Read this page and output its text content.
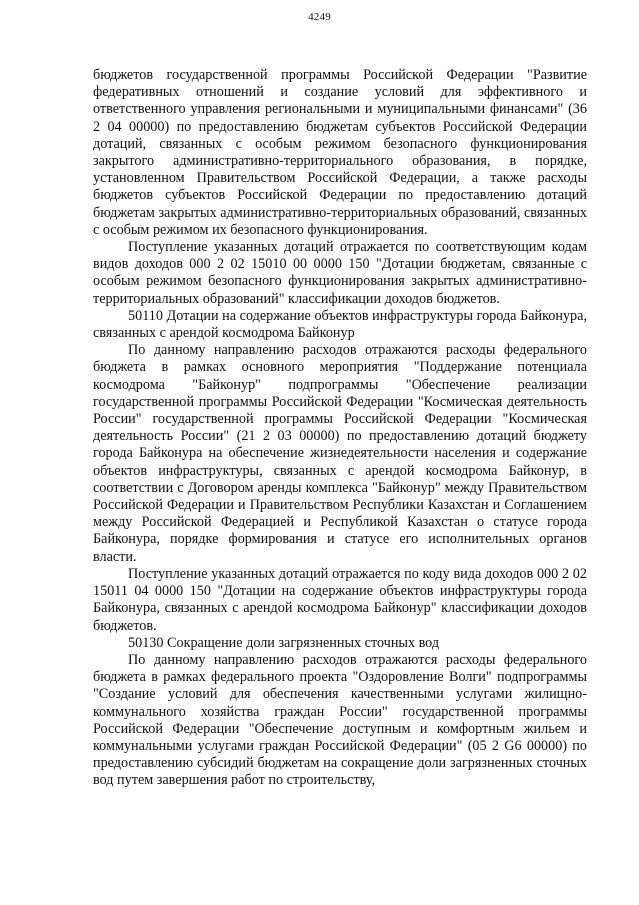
4249

бюджетов государственной программы Российской Федерации "Развитие федеративных отношений и создание условий для эффективного и ответственного управления региональными и муниципальными финансами" (36 2 04 00000) по предоставлению бюджетам субъектов Российской Федерации дотаций, связанных с особым режимом безопасного функционирования закрытого административно-территориального образования, в порядке, установленном Правительством Российской Федерации, а также расходы бюджетов субъектов Российской Федерации по предоставлению дотаций бюджетам закрытых административно-территориальных образований, связанных с особым режимом их безопасного функционирования.

Поступление указанных дотаций отражается по соответствующим кодам видов доходов 000 2 02 15010 00 0000 150 "Дотации бюджетам, связанные с особым режимом безопасного функционирования закрытых административно-территориальных образований" классификации доходов бюджетов.

50110 Дотации на содержание объектов инфраструктуры города Байконура, связанных с арендой космодрома Байконур

По данному направлению расходов отражаются расходы федерального бюджета в рамках основного мероприятия "Поддержание потенциала космодрома "Байконур" подпрограммы "Обеспечение реализации государственной программы Российской Федерации "Космическая деятельность России" государственной программы Российской Федерации "Космическая деятельность России" (21 2 03 00000) по предоставлению дотаций бюджету города Байконура на обеспечение жизнедеятельности населения и содержание объектов инфраструктуры, связанных с арендой космодрома Байконур, в соответствии с Договором аренды комплекса "Байконур" между Правительством Российской Федерации и Правительством Республики Казахстан и Соглашением между Российской Федерацией и Республикой Казахстан о статусе города Байконура, порядке формирования и статусе его исполнительных органов власти.

Поступление указанных дотаций отражается по коду вида доходов 000 2 02 15011 04 0000 150 "Дотации на содержание объектов инфраструктуры города Байконура, связанных с арендой космодрома Байконур" классификации доходов бюджетов.

50130 Сокращение доли загрязненных сточных вод

По данному направлению расходов отражаются расходы федерального бюджета в рамках федерального проекта "Оздоровление Волги" подпрограммы "Создание условий для обеспечения качественными услугами жилищно-коммунального хозяйства граждан России" государственной программы Российской Федерации "Обеспечение доступным и комфортным жильем и коммунальными услугами граждан Российской Федерации" (05 2 G6 00000) по предоставлению субсидий бюджетам на сокращение доли загрязненных сточных вод путем завершения работ по строительству,
